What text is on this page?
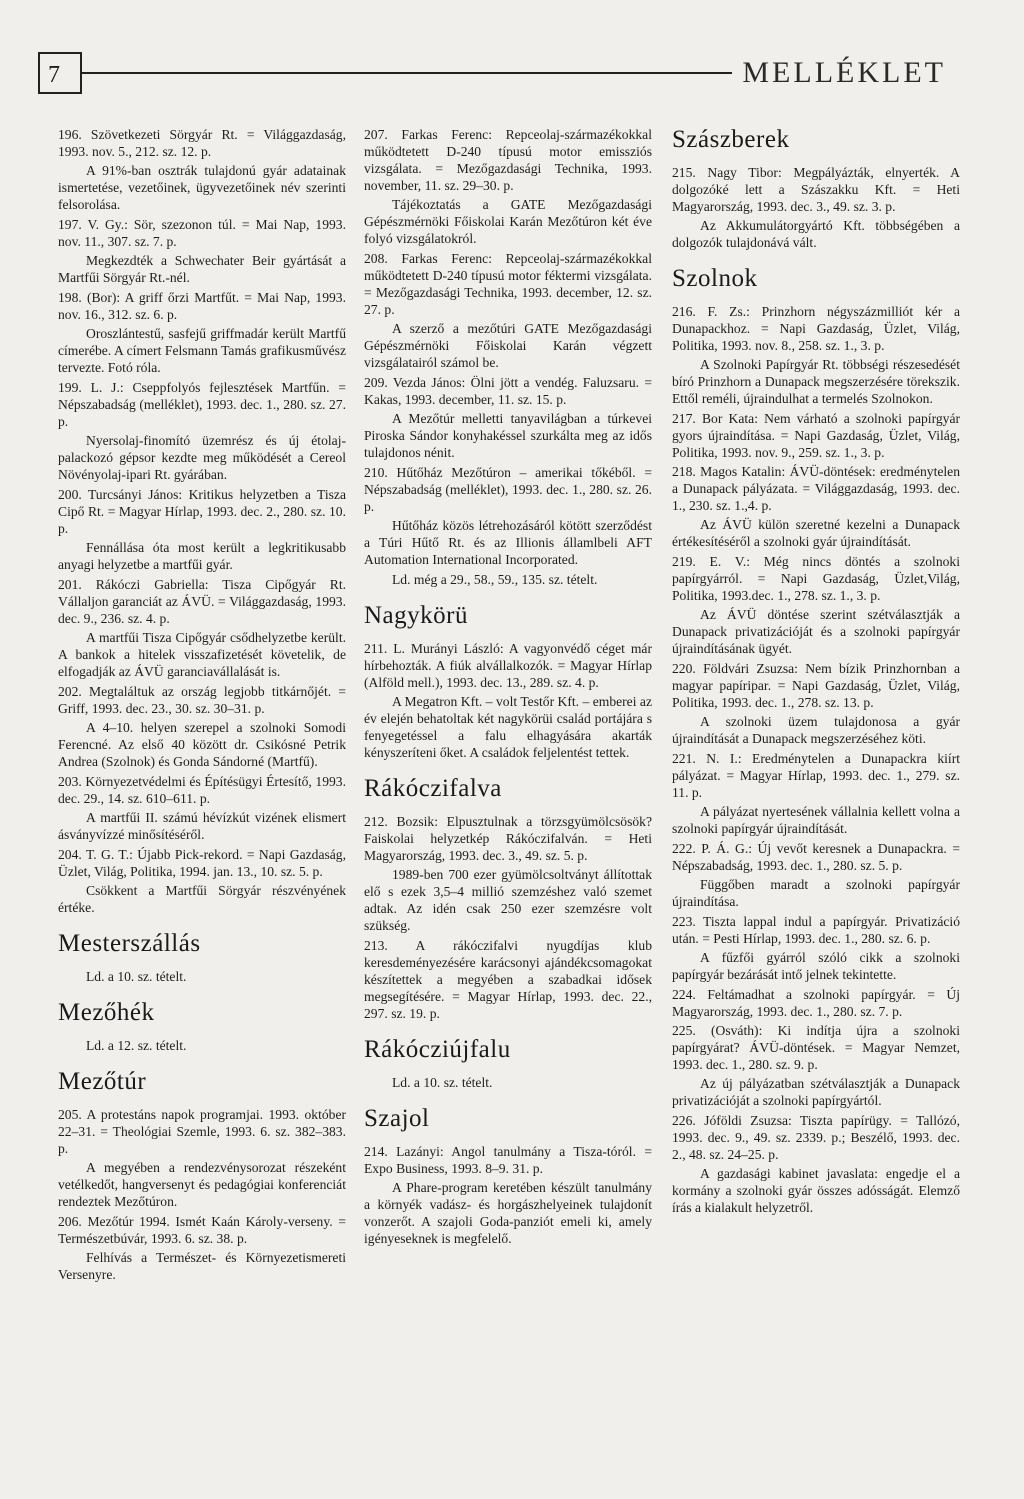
7	MELLÉKLET

196. Szövetkezeti Sörgyár Rt. = Világgazdaság, 1993. nov. 5., 212. sz. 12. p.

A 91%-ban osztrák tulajdonú gyár adatainak ismertetése, vezetőinek, ügyvezetőinek név szerinti felsorolása.

197. V. Gy.: Sör, szezonon túl. = Mai Nap, 1993. nov. 11., 307. sz. 7. p.

Megkezdték a Schwechater Beir gyártását a Martfűi Sörgyár Rt.-nél.

198. (Bor): A griff őrzi Martfűt. = Mai Nap, 1993. nov. 16., 312. sz. 6. p.

Oroszlántestű, sasfejű griffmadár került Martfű címerébe. A címert Felsmann Tamás grafikusművész tervezte. Fotó róla.

199. L. J.: Cseppfolyós fejlesztések Martfűn. = Népszabadság (melléklet), 1993. dec. 1., 280. sz. 27. p.

Nyersolaj-finomító üzemrész és új étolaj-palackozó gépsor kezdte meg működését a Cereol Növényolaj-ipari Rt. gyárában.

200. Turcsányi János: Kritikus helyzetben a Tisza Cipő Rt. = Magyar Hírlap, 1993. dec. 2., 280. sz. 10. p.

Fennállása óta most került a legkritikusabb anyagi helyzetbe a martfűi gyár.

201. Rákóczi Gabriella: Tisza Cipőgyár Rt. Vállaljon garanciát az ÁVÜ. = Világgazdaság, 1993. dec. 9., 236. sz. 4. p.

A martfűi Tisza Cipőgyár csődhelyzetbe került. A bankok a hitelek visszafizetését követelik, de elfogadják az ÁVÜ garanciavállalását is.

202. Megtaláltuk az ország legjobb titkárnőjét. = Griff, 1993. dec. 23., 30. sz. 30–31. p.

A 4–10. helyen szerepel a szolnoki Somodi Ferencné. Az első 40 között dr. Csikósné Petrik Andrea (Szolnok) és Gonda Sándorné (Martfű).

203. Környezetvédelmi és Építésügyi Értesítő, 1993. dec. 29., 14. sz. 610–611. p.

A martfűi II. számú hévízkút vizének elismert ásványvízzé minősítéséről.

204. T. G. T.: Újabb Pick-rekord. = Napi Gazdaság, Üzlet, Világ, Politika, 1994. jan. 13., 10. sz. 5. p.

Csökkent a Martfűi Sörgyár részvényének értéke.

Mesterszállás
Ld. a 10. sz. tételt.
Mezőhék
Ld. a 12. sz. tételt.
Mezőtúr

205. A protestáns napok programjai. 1993. október 22–31. = Theológiai Szemle, 1993. 6. sz. 382–383. p.

A megyében a rendezvénysorozat részeként vetélkedőt, hangversenyt és pedagógiai konferenciát rendeztek Mezőtúron.

206. Mezőtúr 1994. Ismét Kaán Károly-verseny. = Természetbúvár, 1993. 6. sz. 38. p.

Felhívás a Természet- és Környezetismereti Versenyre.

207. Farkas Ferenc: Repceolaj-származékokkal működtetett D-240 típusú motor emissziós vizsgálata. = Mezőgazdasági Technika, 1993. november, 11. sz. 29–30. p.

Tájékoztatás a GATE Mezőgazdasági Gépészmérnöki Főiskolai Karán Mezőtúron két éve folyó vizsgálatokról.

208. Farkas Ferenc: Repceolaj-származékokkal működtetett D-240 típusú motor féktermi vizsgálata. = Mezőgazdasági Technika, 1993. december, 12. sz. 27. p.

A szerző a mezőtúri GATE Mezőgazdasági Gépészmérnöki Főiskolai Karán végzett vizsgálatairól számol be.

209. Vezda János: Ölni jött a vendég. Faluzsaru. = Kakas, 1993. december, 11. sz. 15. p.

A Mezőtúr melletti tanyavilágban a túrkevei Piroska Sándor konyhakéssel szurkálta meg az idős tulajdonos nénit.

210. Hűtőház Mezőtúron – amerikai tőkéből. = Népszabadság (melléklet), 1993. dec. 1., 280. sz. 26. p.

Hűtőház közös létrehozásáról kötött szerződést a Túri Hűtő Rt. és az Illionis államlbeli AFT Automation International Incorporated.

Ld. még a 29., 58., 59., 135. sz. tételt.

Nagykörü

211. L. Murányi László: A vagyonvédő céget már hírbehozták. A fiúk alvállalkozók. = Magyar Hírlap (Alföld mell.), 1993. dec. 13., 289. sz. 4. p.

A Megatron Kft. – volt Testőr Kft. – emberei az év elején behatoltak két nagykörüi család portájára s fenyegetéssel a falu elhagyására akarták kényszeríteni őket. A családok feljelentést tettek.

Rákóczifalva

212. Bozsik: Elpusztulnak a törzsgyümölcsösök? Faiskolai helyzetkép Rákóczifalván. = Heti Magyarország, 1993. dec. 3., 49. sz. 5. p.

1989-ben 700 ezer gyümölcsoltványt állítottak elő s ezek 3,5–4 millió szemzéshez való szemet adtak. Az idén csak 250 ezer szemzésre volt szükség.

213. A rákóczifalvi nyugdíjas klub keresdeményezésére karácsonyi ajándékcsomagokat készítettek a megyében a szabadkai idősek megsegítésére. = Magyar Hírlap, 1993. dec. 22., 297. sz. 19. p.

Rákócziújfalu
Ld. a 10. sz. tételt.
Szajol

214. Lazányi: Angol tanulmány a Tisza-tóról. = Expo Business, 1993. 8–9. 31. p.

A Phare-program keretében készült tanulmány a környék vadász- és horgászhelyeinek tulajdonít vonzerőt. A szajoli Goda-panziót emeli ki, amely igényeseknek is megfelelő.

Szászberek

215. Nagy Tibor: Megpályázták, elnyerték. A dolgozóké lett a Szászakku Kft. = Heti Magyarország, 1993. dec. 3., 49. sz. 3. p.

Az Akkumulátorgyártó Kft. többségében a dolgozók tulajdonává vált.

Szolnok

216. F. Zs.: Prinzhorn négyszázmilliót kér a Dunapackhoz. = Napi Gazdaság, Üzlet, Világ, Politika, 1993. nov. 8., 258. sz. 1., 3. p.

A Szolnoki Papírgyár Rt. többségi részesedését bíró Prinzhorn a Dunapack megszerzésére törekszik. Ettől reméli, újraindulhat a termelés Szolnokon.

217. Bor Kata: Nem várható a szolnoki papírgyár gyors újraindítása. = Napi Gazdaság, Üzlet, Világ, Politika, 1993. nov. 9., 259. sz. 1., 3. p.

218. Magos Katalin: ÁVÜ-döntések: eredménytelen a Dunapack pályázata. = Világgazdaság, 1993. dec. 1., 230. sz. 1.,4. p.

Az ÁVÜ külön szeretné kezelni a Dunapack értékesítéséről a szolnoki gyár újraindítását.

219. E. V.: Még nincs döntés a szolnoki papírgyárról. = Napi Gazdaság, Üzlet,Világ, Politika, 1993.dec. 1., 278. sz. 1., 3. p.

Az ÁVÜ döntése szerint szétválasztják a Dunapack privatizációját és a szolnoki papírgyár újraindításának ügyét.

220. Földvári Zsuzsa: Nem bízik Prinzhornban a magyar papíripar. = Napi Gazdaság, Üzlet, Világ, Politika, 1993. dec. 1., 278. sz. 13. p.

A szolnoki üzem tulajdonosa a gyár újraindítását a Dunapack megszerzéséhez köti.

221. N. I.: Eredménytelen a Dunapackra kiírt pályázat. = Magyar Hírlap, 1993. dec. 1., 279. sz. 11. p.

A pályázat nyertesének vállalnia kellett volna a szolnoki papírgyár újraindítását.

222. P. Á. G.: Új vevőt keresnek a Dunapackra. = Népszabadság, 1993. dec. 1., 280. sz. 5. p.

Függőben maradt a szolnoki papírgyár újraindítása.

223. Tiszta lappal indul a papírgyár. Privatizáció után. = Pesti Hírlap, 1993. dec. 1., 280. sz. 6. p.

A fűzfői gyárról szóló cikk a szolnoki papírgyár bezárását intő jelnek tekintette.

224. Feltámadhat a szolnoki papírgyár. = Új Magyarország, 1993. dec. 1., 280. sz. 7. p.

225. (Osváth): Ki indítja újra a szolnoki papírgyárat? ÁVÜ-döntések. = Magyar Nemzet, 1993. dec. 1., 280. sz. 9. p.

Az új pályázatban szétválasztják a Dunapack privatizációját a szolnoki papírgyártól.

226. Jóföldi Zsuzsa: Tiszta papírügy. = Tallózó, 1993. dec. 9., 49. sz. 2339. p.; Beszélő, 1993. dec. 2., 48. sz. 24–25. p.

A gazdasági kabinet javaslata: engedje el a kormány a szolnoki gyár összes adósságát. Elemző írás a kialakult helyzetről.
